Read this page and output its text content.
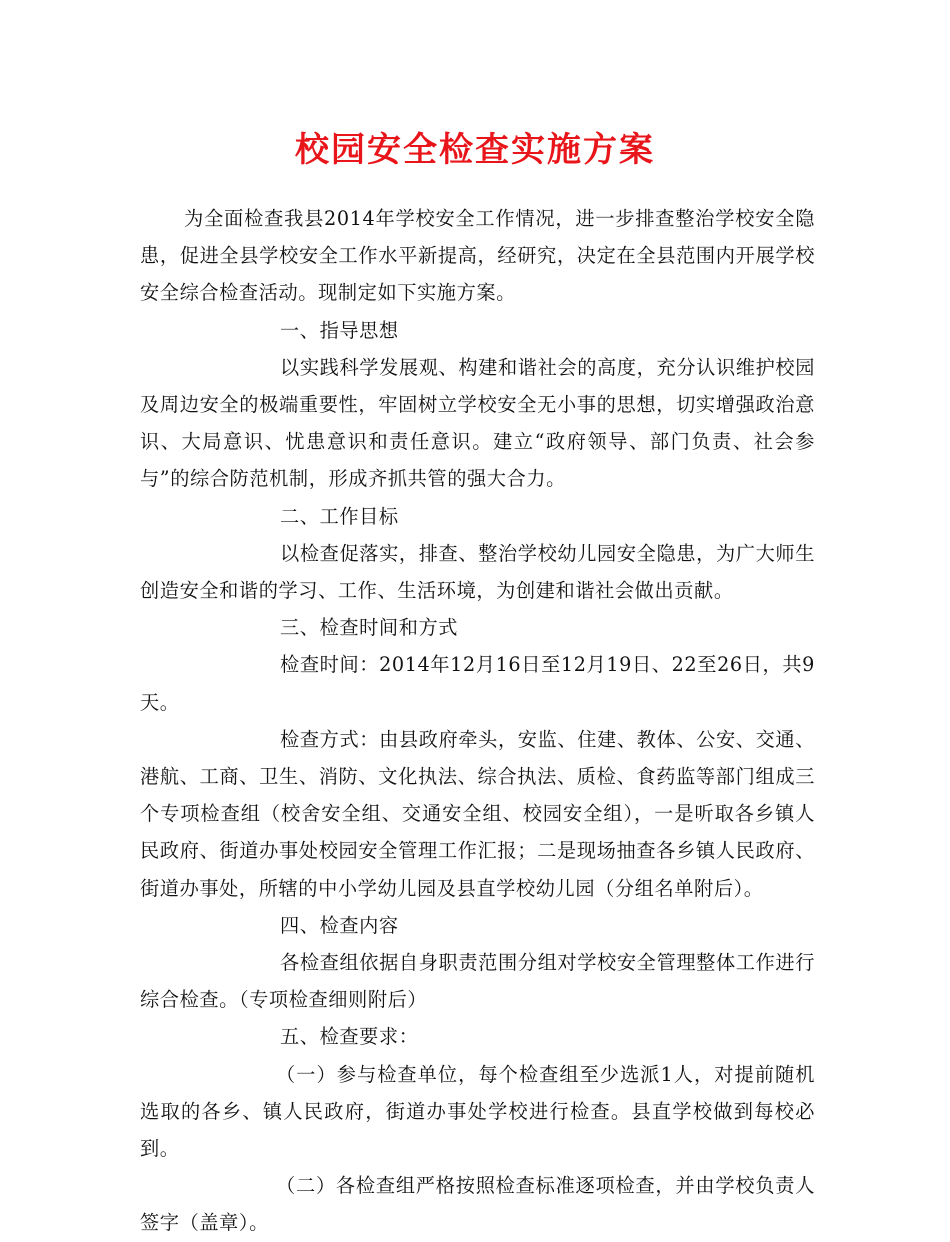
校园安全检查实施方案

为全面检查我县2014年学校安全工作情况，进一步排查整治学校安全隐患，促进全县学校安全工作水平新提高，经研究，决定在全县范围内开展学校安全综合检查活动。现制定如下实施方案。

一、指导思想

以实践科学发展观、构建和谐社会的高度，充分认识维护校园及周边安全的极端重要性，牢固树立学校安全无小事的思想，切实增强政治意识、大局意识、忧患意识和责任意识。建立“政府领导、部门负责、社会参与”的综合防范机制，形成齐抓共管的强大合力。

二、工作目标

以检查促落实，排查、整治学校幼儿园安全隐患，为广大师生创造安全和谐的学习、工作、生活环境，为创建和谐社会做出贡献。

三、检查时间和方式

检查时间：2014年12月16日至12月19日、22至26日，共9天。

检查方式：由县政府牵头，安监、住建、教体、公安、交通、港航、工商、卫生、消防、文化执法、综合执法、质检、食药监等部门组成三个专项检查组（校舍安全组、交通安全组、校园安全组），一是听取各乡镇人民政府、街道办事处校园安全管理工作汇报；二是现场抽查各乡镇人民政府、街道办事处，所辖的中小学幼儿园及县直学校幼儿园（分组名单附后）。

四、检查内容

各检查组依据自身职责范围分组对学校安全管理整体工作进行综合检查。（专项检查细则附后）

五、检查要求：

（一）参与检查单位，每个检查组至少选派1人，对提前随机选取的各乡、镇人民政府，街道办事处学校进行检查。县直学校做到每校必到。

（二）各检查组严格按照检查标准逐项检查，并由学校负责人签字（盖章）。
